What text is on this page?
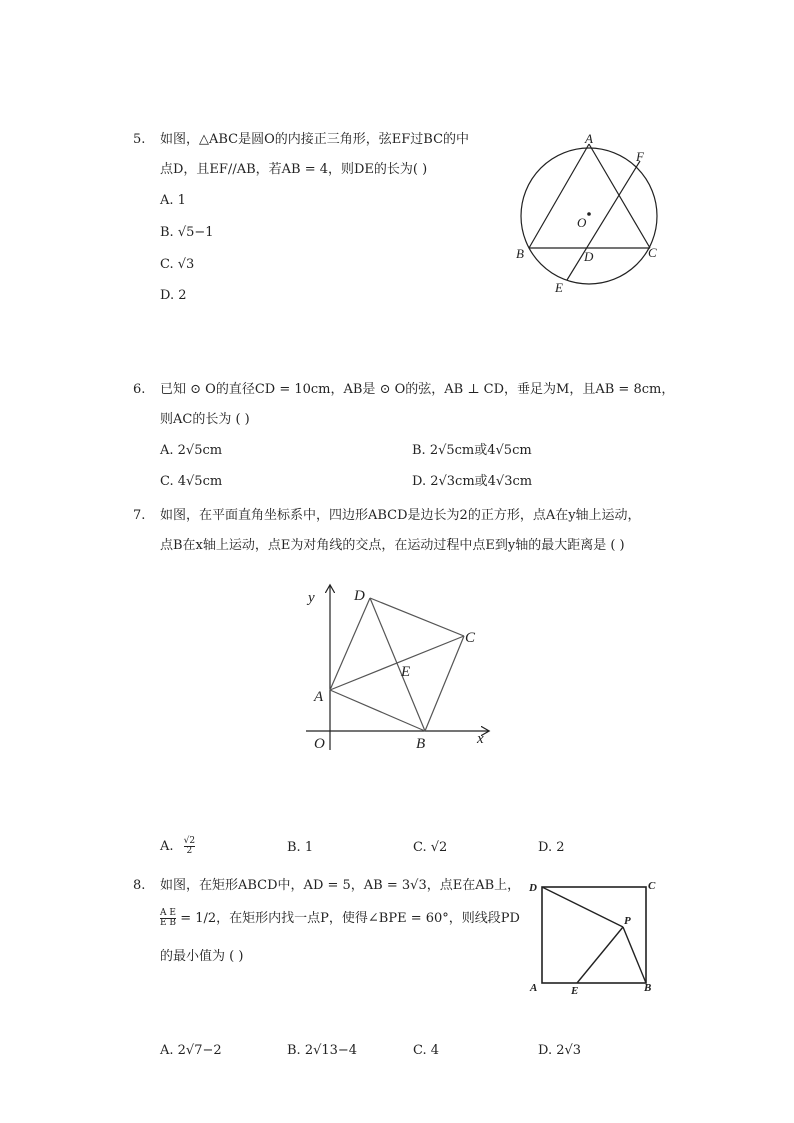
5. 如图，△ABC是圆O的内接正三角形，弦EF过BC的中
点D，且EF//AB，若AB = 4，则DE的长为( )
A. 1
B. √5−1
C. √3
D. 2
A
F
O
B	D	C
E
6. 已知 ⊙ O的直径CD = 10cm，AB是 ⊙ O的弦，AB ⊥ CD，垂足为M，且AB = 8cm，
则AC的长为 ( )
A. 2√5cm	B. 2√5cm或4√5cm
C. 4√5cm	D. 2√3cm或4√3cm
7. 如图，在平面直角坐标系中，四边形ABCD是边长为2的正方形，点A在y轴上运动，
点B在x轴上运动，点E为对角线的交点，在运动过程中点E到y轴的最大距离是 ( )
y	D
C
E
A
O	B	x
A. $\frac{√2}{2}$	B. 1	C. √2	D. 2
8. 如图，在矩形ABCD中，AD = 5，AB = 3√3，点E在AB上，
$\frac{\text{A E}}{\text{E B}} = 1/2$，在矩形内找一点P，使得∠BPE = 60°，则线段PD
的最小值为 ( )
D	C
P
A	E	B
A. 2√7−2	B. 2√13−4	C. 4	D. 2√3
